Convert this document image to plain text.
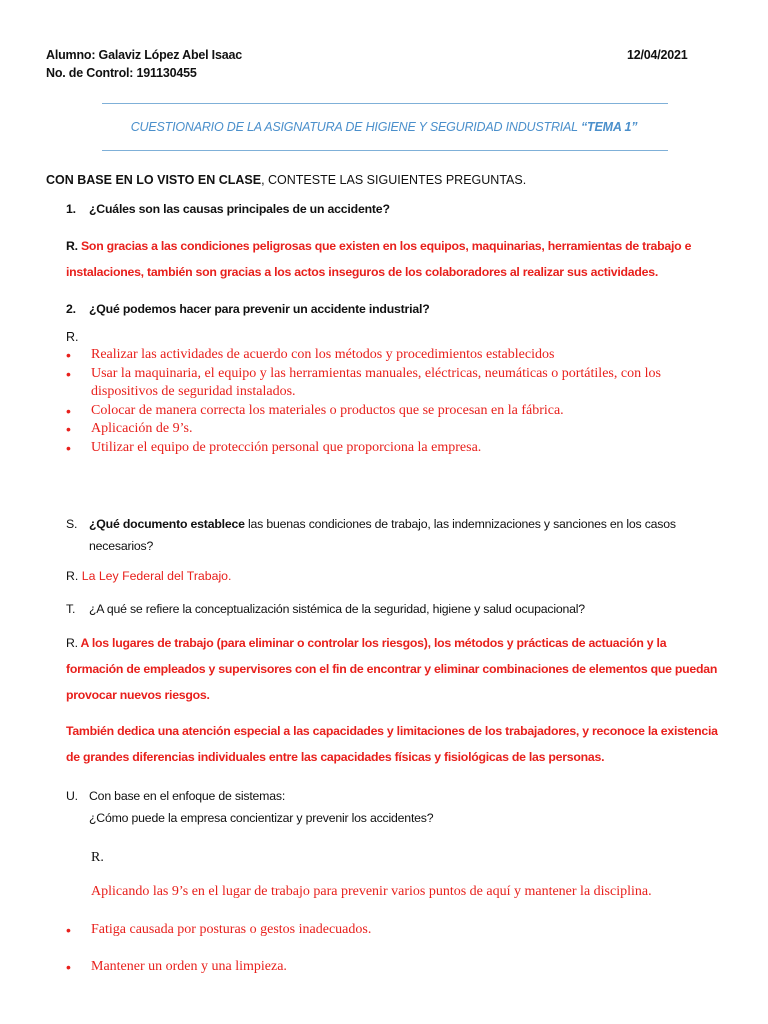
Alumno: Galaviz López Abel Isaac	12/04/2021
No. de Control: 191130455
CUESTIONARIO DE LA ASIGNATURA DE HIGIENE Y SEGURIDAD INDUSTRIAL “TEMA 1”
CON BASE EN LO VISTO EN CLASE, CONTESTE LAS SIGUIENTES PREGUNTAS.
1.	¿Cuáles son las causas principales de un accidente?
R. Son gracias a las condiciones peligrosas que existen en los equipos, maquinarias, herramientas de trabajo e
instalaciones, también son gracias a los actos inseguros de los colaboradores al realizar sus actividades.
2.	¿Qué podemos hacer para prevenir un accidente industrial?
R.
• Realizar las actividades de acuerdo con los métodos y procedimientos establecidos
• Usar la maquinaria, el equipo y las herramientas manuales, eléctricas, neumáticas o portátiles, con los
dispositivos de seguridad instalados.
• Colocar de manera correcta los materiales o productos que se procesan en la fábrica.
• Aplicación de 9’s.
• Utilizar el equipo de protección personal que proporciona la empresa.
S. ¿Qué documento establece las buenas condiciones de trabajo, las indemnizaciones y sanciones en los casos
necesarios?
R. La Ley Federal del Trabajo.
T.	¿A qué se refiere la conceptualización sistémica de la seguridad, higiene y salud ocupacional?
R. A los lugares de trabajo (para eliminar o controlar los riesgos), los métodos y prácticas de actuación y la
formación de empleados y supervisores con el fin de encontrar y eliminar combinaciones de elementos que puedan
provocar nuevos riesgos.
También dedica una atención especial a las capacidades y limitaciones de los trabajadores, y reconoce la existencia
de grandes diferencias individuales entre las capacidades físicas y fisiológicas de las personas.
U. Con base en el enfoque de sistemas:
¿Cómo puede la empresa concientizar y prevenir los accidentes?
R.
Aplicando las 9’s en el lugar de trabajo para prevenir varios puntos de aquí y mantener la disciplina.
• Fatiga causada por posturas o gestos inadecuados.
• Mantener un orden y una limpieza.
